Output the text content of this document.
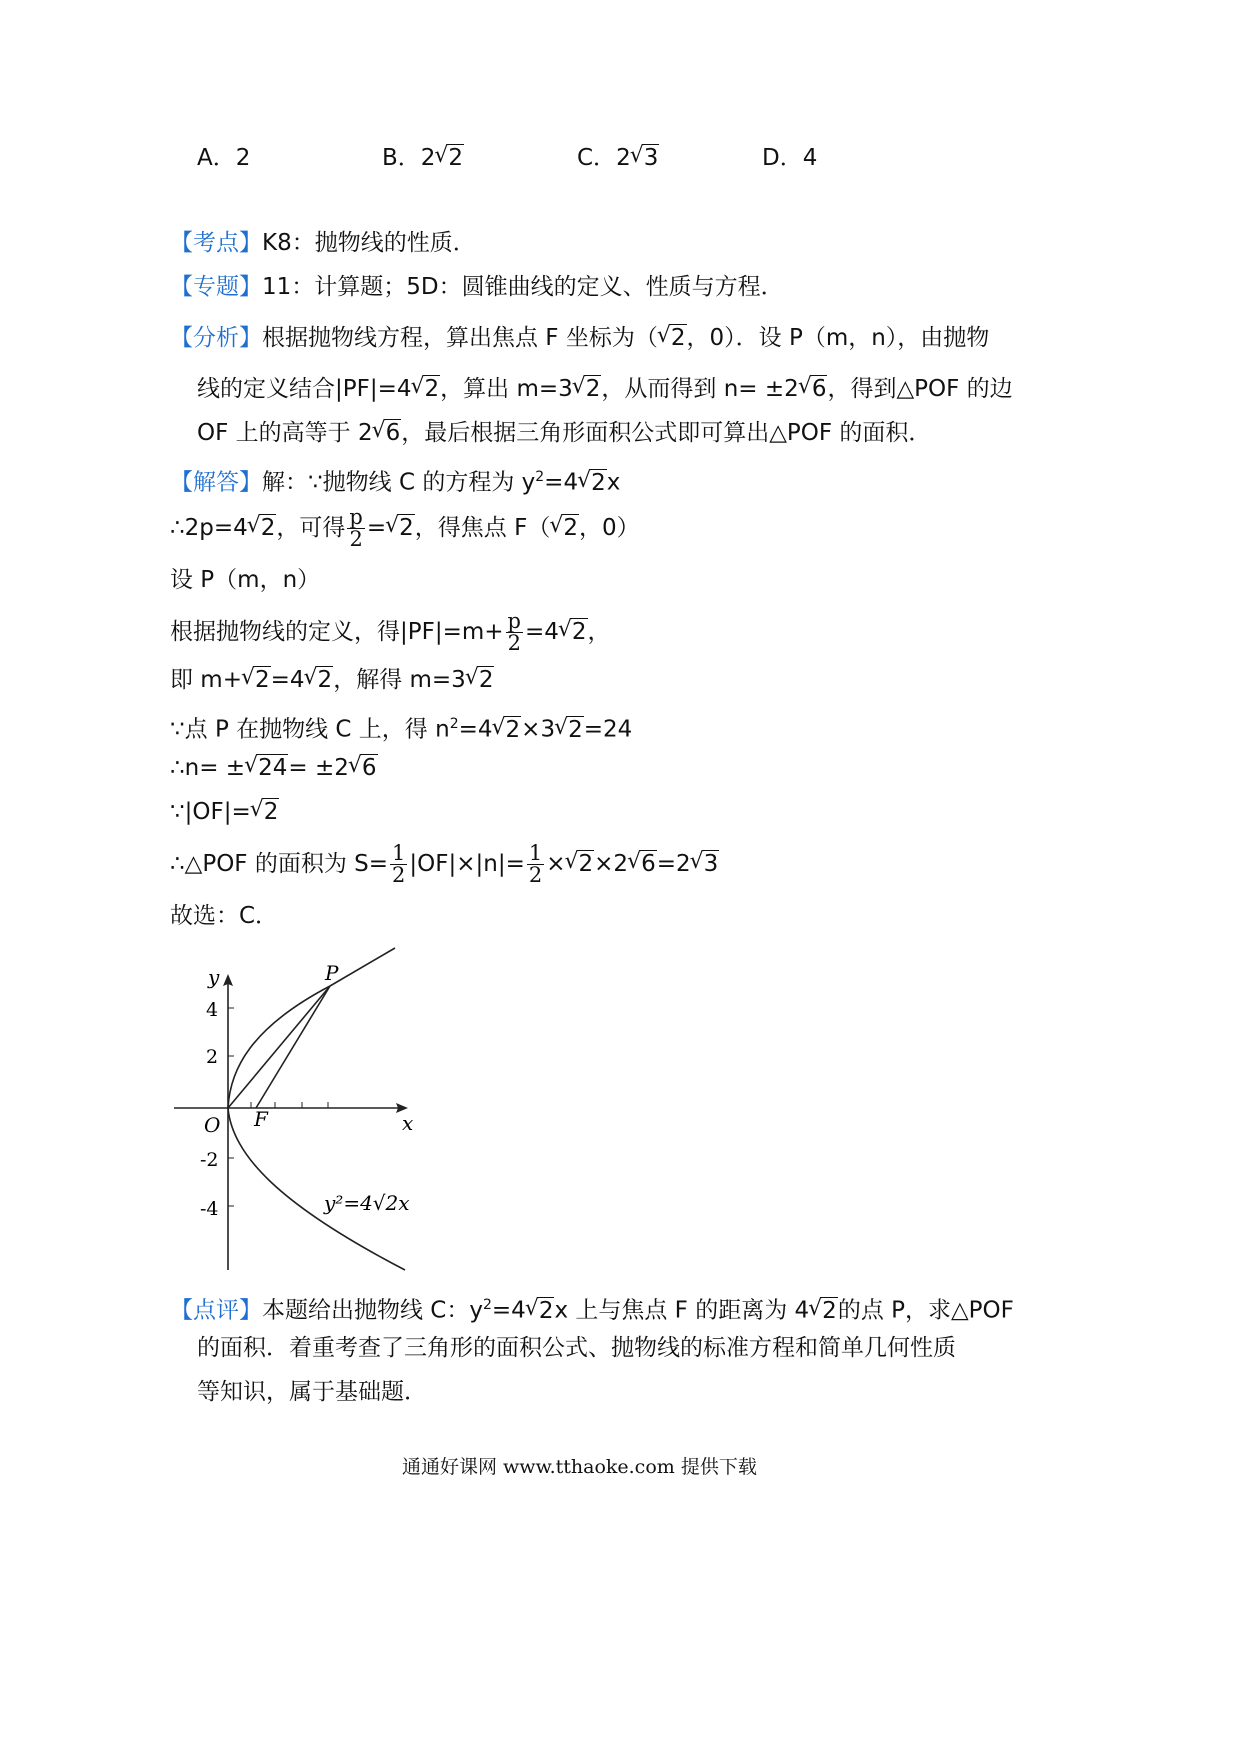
A．2	B．2√ 2	C．2√ 3	D．4
【考点】K8：抛物线的性质．
【专题】11：计算题；5D：圆锥曲线的定义、性质与方程．
【分析】根据抛物线方程，算出焦点 F 坐标为（√ 2，0）．设 P（m，n），由抛物
线的定义结合|PF|=4√ 2，算出 m=3√ 2，从而得到 n= ±2√ 6，得到△POF 的边
OF 上的高等于 2√ 6，最后根据三角形面积公式即可算出△POF 的面积．
【解答】解：∵抛物线 C 的方程为 $y^2=4√$ 2x
∴2p=4√ 2，可得 $\frac{p}{2}$ =√ 2，得焦点 F（√ 2，0）
设 P（m，n）
根据抛物线的定义，得$|PF|=m+ \frac{p}{2} =4√$ 2，
即 m+√ 2=4√ 2，解得 m=3√ 2
∵点 P 在抛物线 C 上，得 $n^2=4√$ 2×3√ 2=24
∴n= ±√ 24= ±2√ 6
∵|OF|=√ 2
∴△POF 的面积为 $S= \frac{1}{2} |OF|\times|n|= \frac{1}{2}$ ×√ 2×2√ 6=2√ 3
故选：C．
y
4
2
-2
-4
O F
P
x
y²=4√2x
【点评】本题给出抛物线 C：$y^2=4√$ 2x 上与焦点 F 的距离为 4√ 2的点 P，求△POF
的面积．着重考查了三角形的面积公式、抛物线的标准方程和简单几何性质
等知识，属于基础题．
通通好课网 www.tthaoke.com 提供下载
